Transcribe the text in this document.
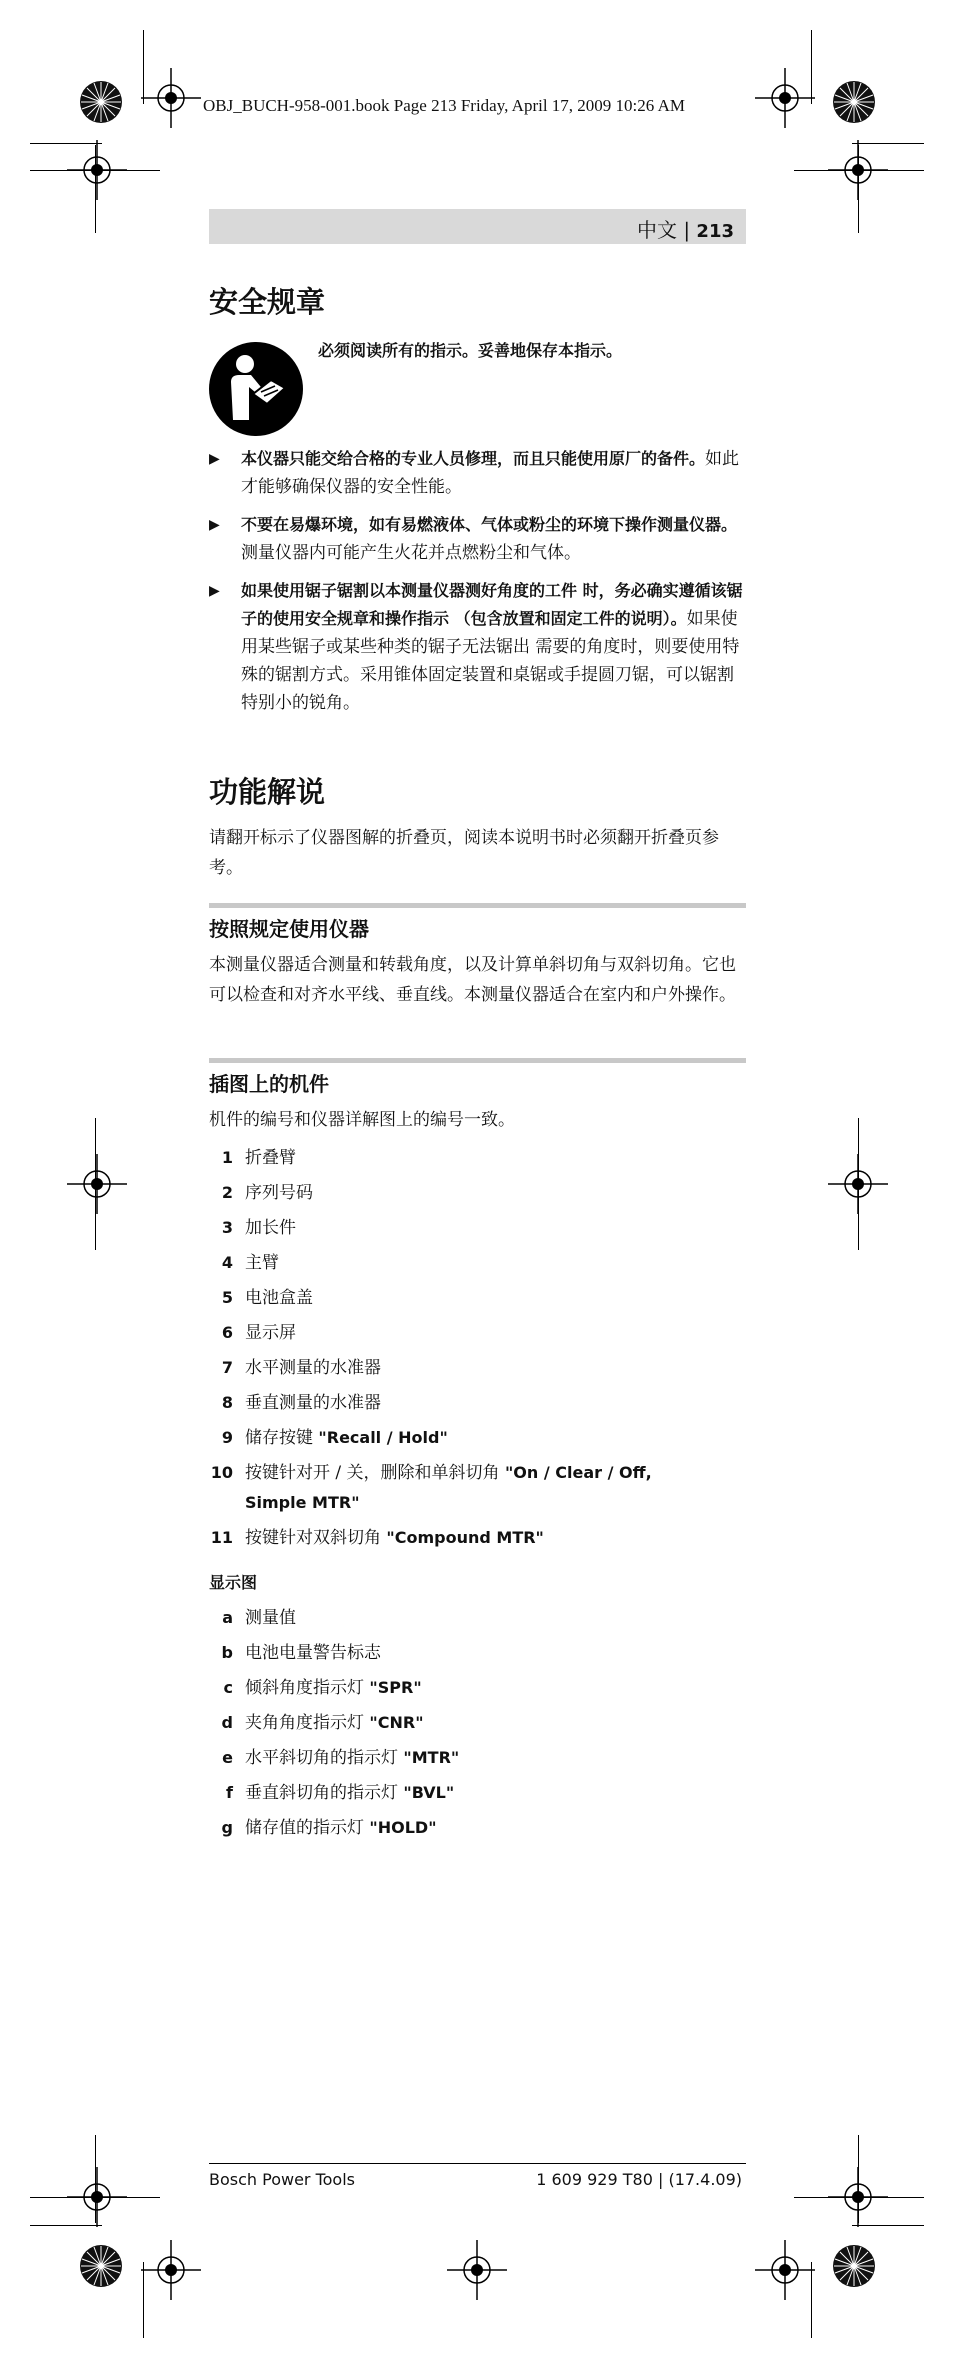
OBJ_BUCH-958-001.book Page 213 Friday, April 17, 2009 10:26 AM
中文 | 213
安全规章
必须阅读所有的指示。妥善地保存本指示。
▶ 本仪器只能交给合格的专业人员修理，而且只能使用原厂的备件。如此才能够确保仪器的安全性能。
▶ 不要在易爆环境，如有易燃液体、气体或粉尘的环境下操作测量仪器。测量仪器内可能产生火花并点燃粉尘和气体。
▶ 如果使用锯子锯割以本测量仪器测好角度的工件 时，务必确实遵循该锯子的使用安全规章和操作指示 （包含放置和固定工件的说明）。如果使用某些锯子或某些种类的锯子无法锯出 需要的角度时，则要使用特殊的锯割方式。采用锥体固定装置和桌锯或手提圆刀锯，可以锯割特别小的锐角。
功能解说
请翻开标示了仪器图解的折叠页，阅读本说明书时必须翻开折叠页参考。
按照规定使用仪器
本测量仪器适合测量和转载角度，以及计算单斜切角与双斜切角。它也可以检查和对齐水平线、垂直线。本测量仪器适合在室内和户外操作。
插图上的机件
机件的编号和仪器详解图上的编号一致。
1 折叠臂
2 序列号码
3 加长件
4 主臂
5 电池盒盖
6 显示屏
7 水平测量的水准器
8 垂直测量的水准器
9 储存按键 "Recall / Hold"
10 按键针对开 / 关，删除和单斜切角 "On / Clear / Off, Simple MTR"
11 按键针对双斜切角 "Compound MTR"
显示图
a 测量值
b 电池电量警告标志
c 倾斜角度指示灯 "SPR"
d 夹角角度指示灯 "CNR"
e 水平斜切角的指示灯 "MTR"
f 垂直斜切角的指示灯 "BVL"
g 储存值的指示灯 "HOLD"
Bosch Power Tools	1 609 929 T80 | (17.4.09)
